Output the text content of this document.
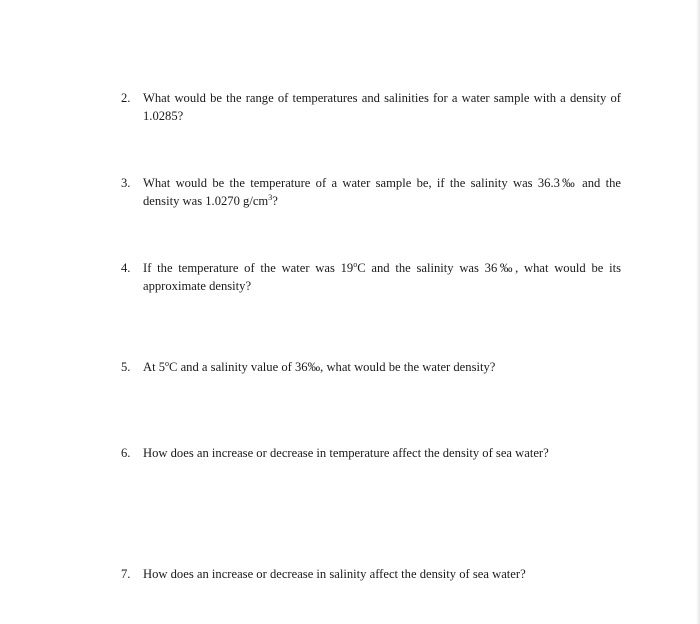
2. What would be the range of temperatures and salinities for a water sample with a density of 1.0285?
3. What would be the temperature of a water sample be, if the salinity was 36.3‰ and the density was 1.0270 $g/cm^3$?
4. If the temperature of the water was 19$^o$C and the salinity was 36‰, what would be its approximate density?
5. At 5$^o$C and a salinity value of 36‰, what would be the water density?
6. How does an increase or decrease in temperature affect the density of sea water?
7. How does an increase or decrease in salinity affect the density of sea water?
